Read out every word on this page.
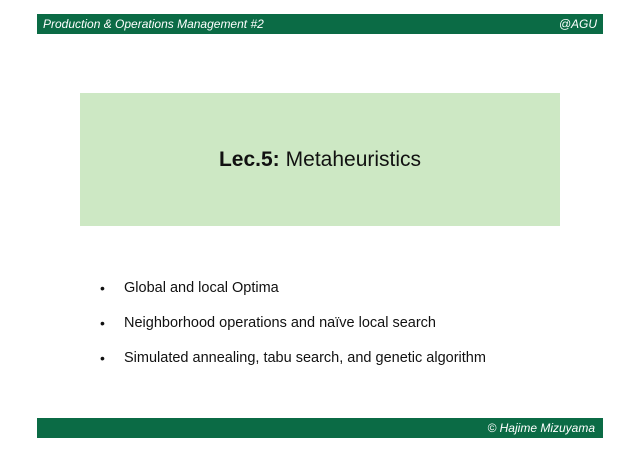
Production & Operations Management #2	@AGU
Lec.5: Metaheuristics
•	Global and local Optima
•	Neighborhood operations and naïve local search
•	Simulated annealing, tabu search, and genetic algorithm
© Hajime Mizuyama
